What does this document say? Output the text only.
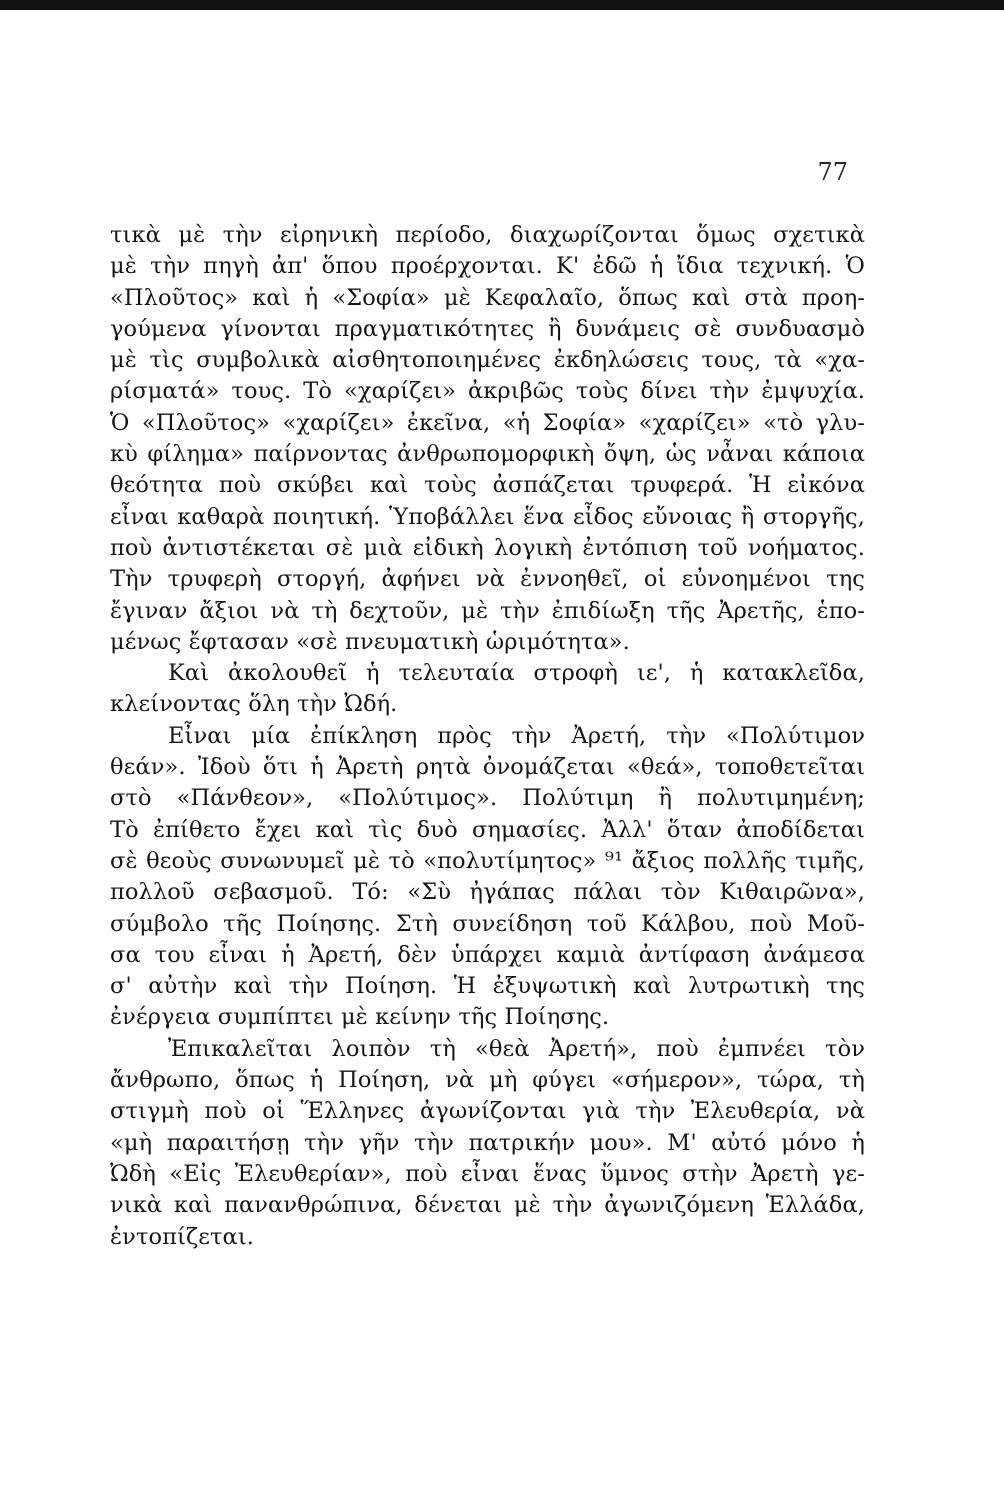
77

τικὰ μὲ τὴν εἰρηνικὴ περίοδο, διαχωρίζονται ὅμως σχετικὰ
μὲ τὴν πηγὴ ἀπ' ὅπου προέρχονται. Κ' ἐδῶ ἡ ἴδια τεχνική. Ὁ
«Πλοῦτος» καὶ ἡ «Σοφία» μὲ Κεφαλαῖο, ὅπως καὶ στὰ προη-
γούμενα γίνονται πραγματικότητες ἢ δυνάμεις σὲ συνδυασμὸ
μὲ τὶς συμβολικὰ αἰσθητοποιημένες ἐκδηλώσεις τους, τὰ «χα-
ρίσματά» τους. Τὸ «χαρίζει» ἀκριβῶς τοὺς δίνει τὴν ἐμψυχία.
Ὁ «Πλοῦτος» «χαρίζει» ἐκεῖνα, «ἡ Σοφία» «χαρίζει» «τὸ γλυ-
κὺ φίλημα» παίρνοντας ἀνθρωπομορφικὴ ὄψη, ὡς νἆναι κάποια
θεότητα ποὺ σκύβει καὶ τοὺς ἀσπάζεται τρυφερά. Ἡ εἰκόνα
εἶναι καθαρὰ ποιητική. Ὑποβάλλει ἕνα εἶδος εὔνοιας ἢ στοργῆς,
ποὺ ἀντιστέκεται σὲ μιὰ εἰδικὴ λογικὴ ἐντόπιση τοῦ νοήματος.
Τὴν τρυφερὴ στοργή, ἀφήνει νὰ ἐννοηθεῖ, οἱ εὐνοημένοι της
ἔγιναν ἄξιοι νὰ τὴ δεχτοῦν, μὲ τὴν ἐπιδίωξη τῆς Ἀρετῆς, ἑπο-
μένως ἔφτασαν «σὲ πνευματικὴ ὡριμότητα».

Καὶ ἀκολουθεῖ ἡ τελευταία στροφὴ ιε', ἡ κατακλεῖδα,
κλείνοντας ὅλη τὴν Ὠδή.

Εἶναι μία ἐπίκληση πρὸς τὴν Ἀρετή, τὴν «Πολύτιμον
θεάν». Ἰδοὺ ὅτι ἡ Ἀρετὴ ρητὰ ὀνομάζεται «θεά», τοποθετεῖται
στὸ «Πάνθεον», «Πολύτιμος». Πολύτιμη ἢ πολυτιμημένη;
Τὸ ἐπίθετο ἔχει καὶ τὶς δυὸ σημασίες. Ἀλλ' ὅταν ἀποδίδεται
σὲ θεοὺς συνωνυμεῖ μὲ τὸ «πολυτίμητος» ⁹¹ ἄξιος πολλῆς τιμῆς,
πολλοῦ σεβασμοῦ. Τό: «Σὺ ἠγάπας πάλαι τὸν Κιθαιρῶνα»,
σύμβολο τῆς Ποίησης. Στὴ συνείδηση τοῦ Κάλβου, ποὺ Μοῦ-
σα του εἶναι ἡ Ἀρετή, δὲν ὑπάρχει καμιὰ ἀντίφαση ἀνάμεσα
σ' αὐτὴν καὶ τὴν Ποίηση. Ἡ ἐξυψωτικὴ καὶ λυτρωτικὴ της
ἐνέργεια συμπίπτει μὲ κείνην τῆς Ποίησης.

Ἐπικαλεῖται λοιπὸν τὴ «θεὰ Ἀρετή», ποὺ ἐμπνέει τὸν
ἄνθρωπο, ὅπως ἡ Ποίηση, νὰ μὴ φύγει «σήμερον», τώρα, τὴ
στιγμὴ ποὺ οἱ Ἕλληνες ἀγωνίζονται γιὰ τὴν Ἐλευθερία, νὰ
«μὴ παραιτήσῃ τὴν γῆν τὴν πατρικήν μου». Μ' αὐτό μόνο ἡ
Ὠδὴ «Εἰς Ἐλευθερίαν», ποὺ εἶναι ἕνας ὕμνος στὴν Ἀρετὴ γε-
νικὰ καὶ πανανθρώπινα, δένεται μὲ τὴν ἀγωνιζόμενη Ἑλλάδα,
ἐντοπίζεται.
